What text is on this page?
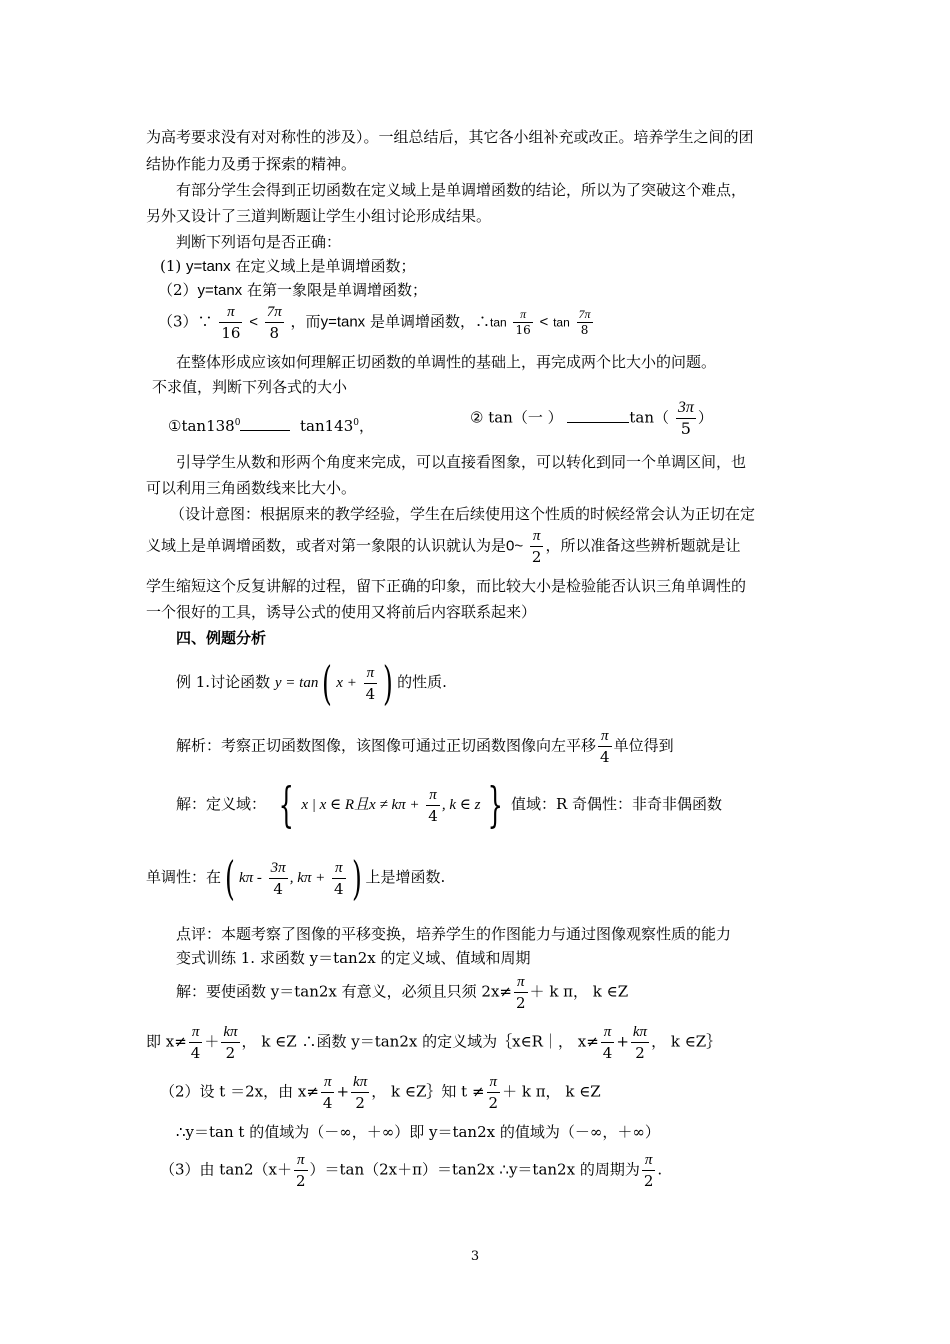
为高考要求没有对对称性的涉及）。一组总结后，其它各小组补充或改正。培养学生之间的团
结协作能力及勇于探索的精神。
有部分学生会得到正切函数在定义域上是单调增函数的结论，所以为了突破这个难点，
另外又设计了三道判断题让学生小组讨论形成结果。
判断下列语句是否正确：
(1) y=tanx 在定义域上是单调增函数；
（2）y=tanx 在第一象限是单调增函数；
（3）∵ $\frac{\pi}{16} < \frac{7\pi}{8}$ ，而y=tanx 是单调增函数，∴tan $\frac{\pi}{16} < \tan \frac{7\pi}{8}$
在整体形成应该如何理解正切函数的单调性的基础上，再完成两个比大小的问题。
不求值，判断下列各式的大小
$①\tan 138^0$	$\tan 143^0$，	② tan（一 ）	$\tan( \frac{3\pi}{5}$ ）
引导学生从数和形两个角度来完成，可以直接看图象，可以转化到同一个单调区间，也
可以利用三角函数线来比大小。
（设计意图：根据原来的教学经验，学生在后续使用这个性质的时候经常会认为正切在定
义域上是单调增函数，或者对第一象限的认识就认为是0~ $\frac{\pi}{2}$ ，所以准备这些辨析题就是让
学生缩短这个反复讲解的过程，留下正确的印象，而比较大小是检验能否认识三角单调性的
一个很好的工具，诱导公式的使用又将前后内容联系起来）
四、例题分析
例 1.讨论函数 y = tan( $x + \frac{\pi}{4}$ ) 的性质.
解析：考察正切函数图像，该图像可通过正切函数图像向左平移 $\frac{\pi}{4}$ 单位得到
解：定义域： { x | x ∈ R且$x \ne k\pi + \frac{\pi}{4}$ , k ∈ z } 值域：R 奇偶性：非奇非偶函数
单调性：在( kπ - $\frac{3\pi}{4}$ , $k\pi + \frac{\pi}{4}$ ) 上是增函数.
点评：本题考察了图像的平移变换，培养学生的作图能力与通过图像观察性质的能力
变式训练 1. 求函数 y＝tan2x 的定义域、值域和周期
解：要使函数 y＝tan2x 有意义，必须且只须 $2x\ne \frac{\pi}{2} + k$ π， k ∈Z
即 $x\ne \frac{\pi}{4} + \frac{k\pi}{2}$ ， k ∈Z ∴函数 y＝tan2x 的定义域为｛x∈R｜， $x\ne \frac{\pi}{4} + \frac{k\pi}{2}$ ， k ∈Z｝
（2）设 t ＝2x，由 $x\ne \frac{\pi}{4} + \frac{k\pi}{2}$ ， k ∈Z｝知 $t \ne \frac{\pi}{2} + k$ π， k ∈Z
∴y＝tan t 的值域为（－∞，＋∞）即 y＝tan2x 的值域为（－∞，＋∞）
（3）由 $\tan 2(x+ \frac{\pi}{2} )=\tan(2x+\pi)=\tan 2x$ ∴y＝tan2x 的周期为 $\frac{\pi}{2}$ .
3
